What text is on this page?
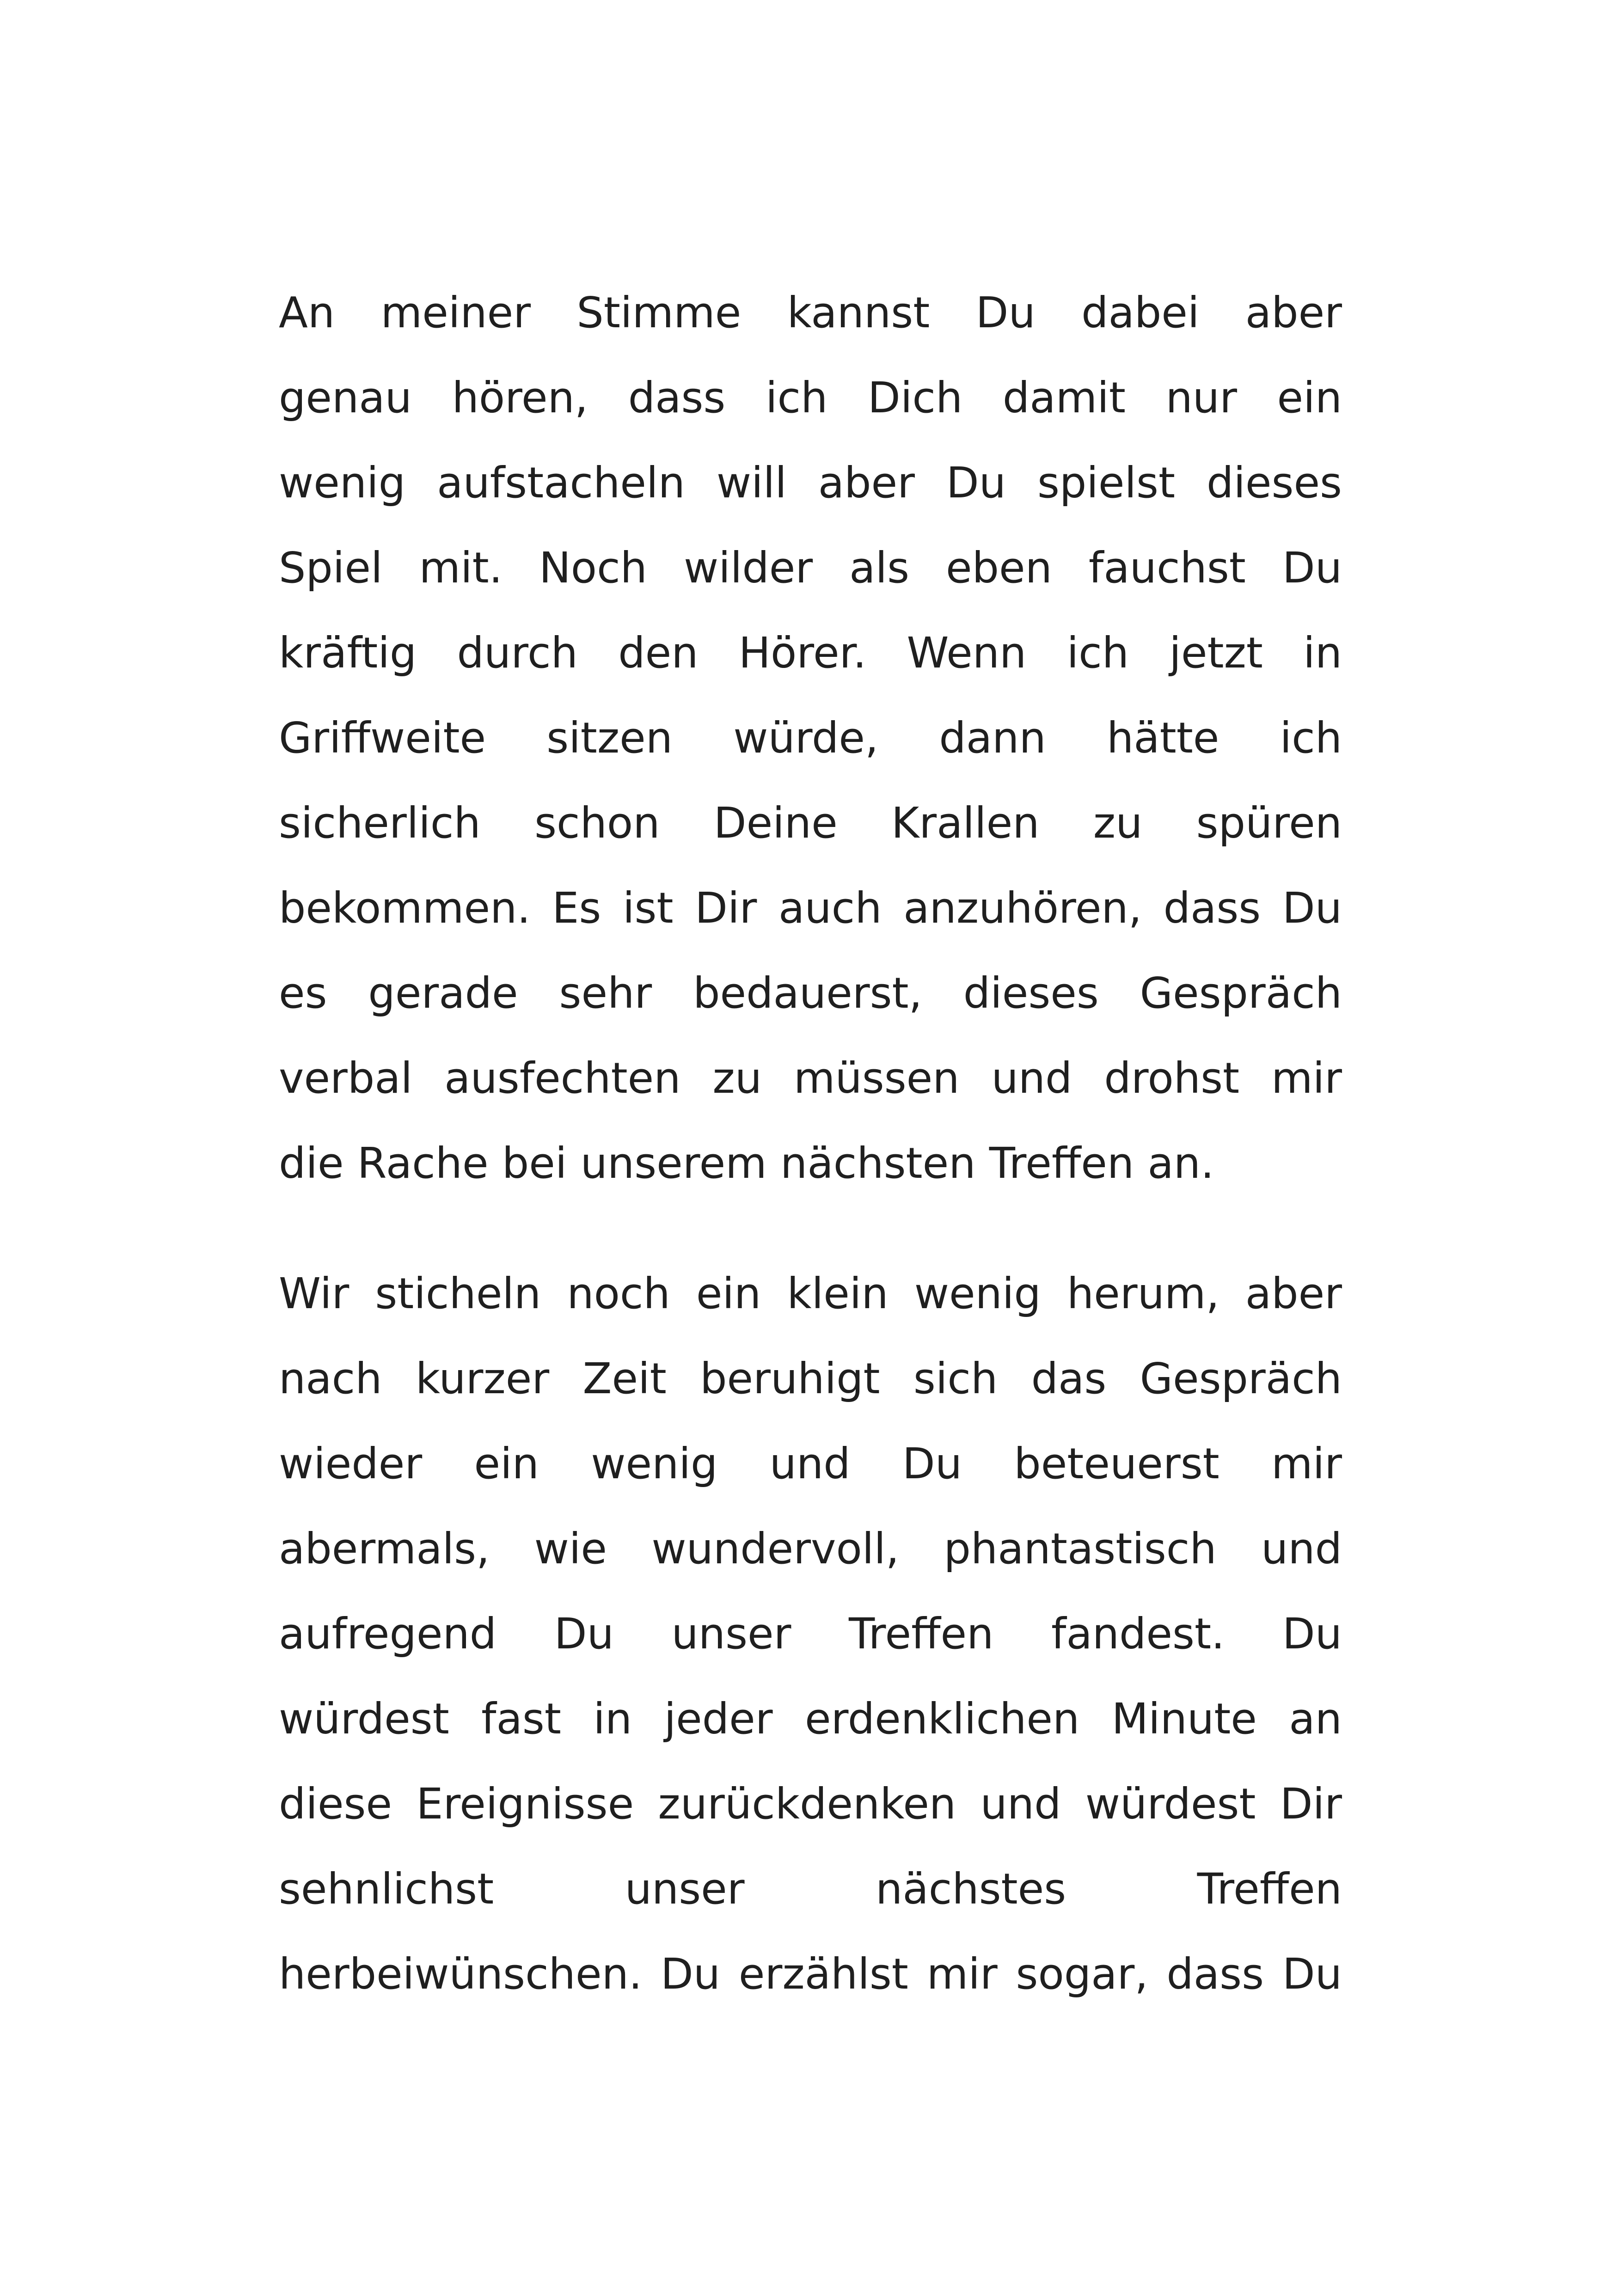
An meiner Stimme kannst Du dabei aber
genau hören, dass ich Dich damit nur ein
wenig aufstacheln will aber Du spielst dieses
Spiel mit. Noch wilder als eben fauchst Du
kräftig durch den Hörer. Wenn ich jetzt in
Griffweite sitzen würde, dann hätte ich
sicherlich schon Deine Krallen zu spüren
bekommen. Es ist Dir auch anzuhören, dass Du
es gerade sehr bedauerst, dieses Gespräch
verbal ausfechten zu müssen und drohst mir
die Rache bei unserem nächsten Treffen an.
Wir sticheln noch ein klein wenig herum, aber
nach kurzer Zeit beruhigt sich das Gespräch
wieder ein wenig und Du beteuerst mir
abermals, wie wundervoll, phantastisch und
aufregend Du unser Treffen fandest. Du
würdest fast in jeder erdenklichen Minute an
diese Ereignisse zurückdenken und würdest Dir
sehnlichst unser nächstes Treffen
herbeiwünschen. Du erzählst mir sogar, dass Du
